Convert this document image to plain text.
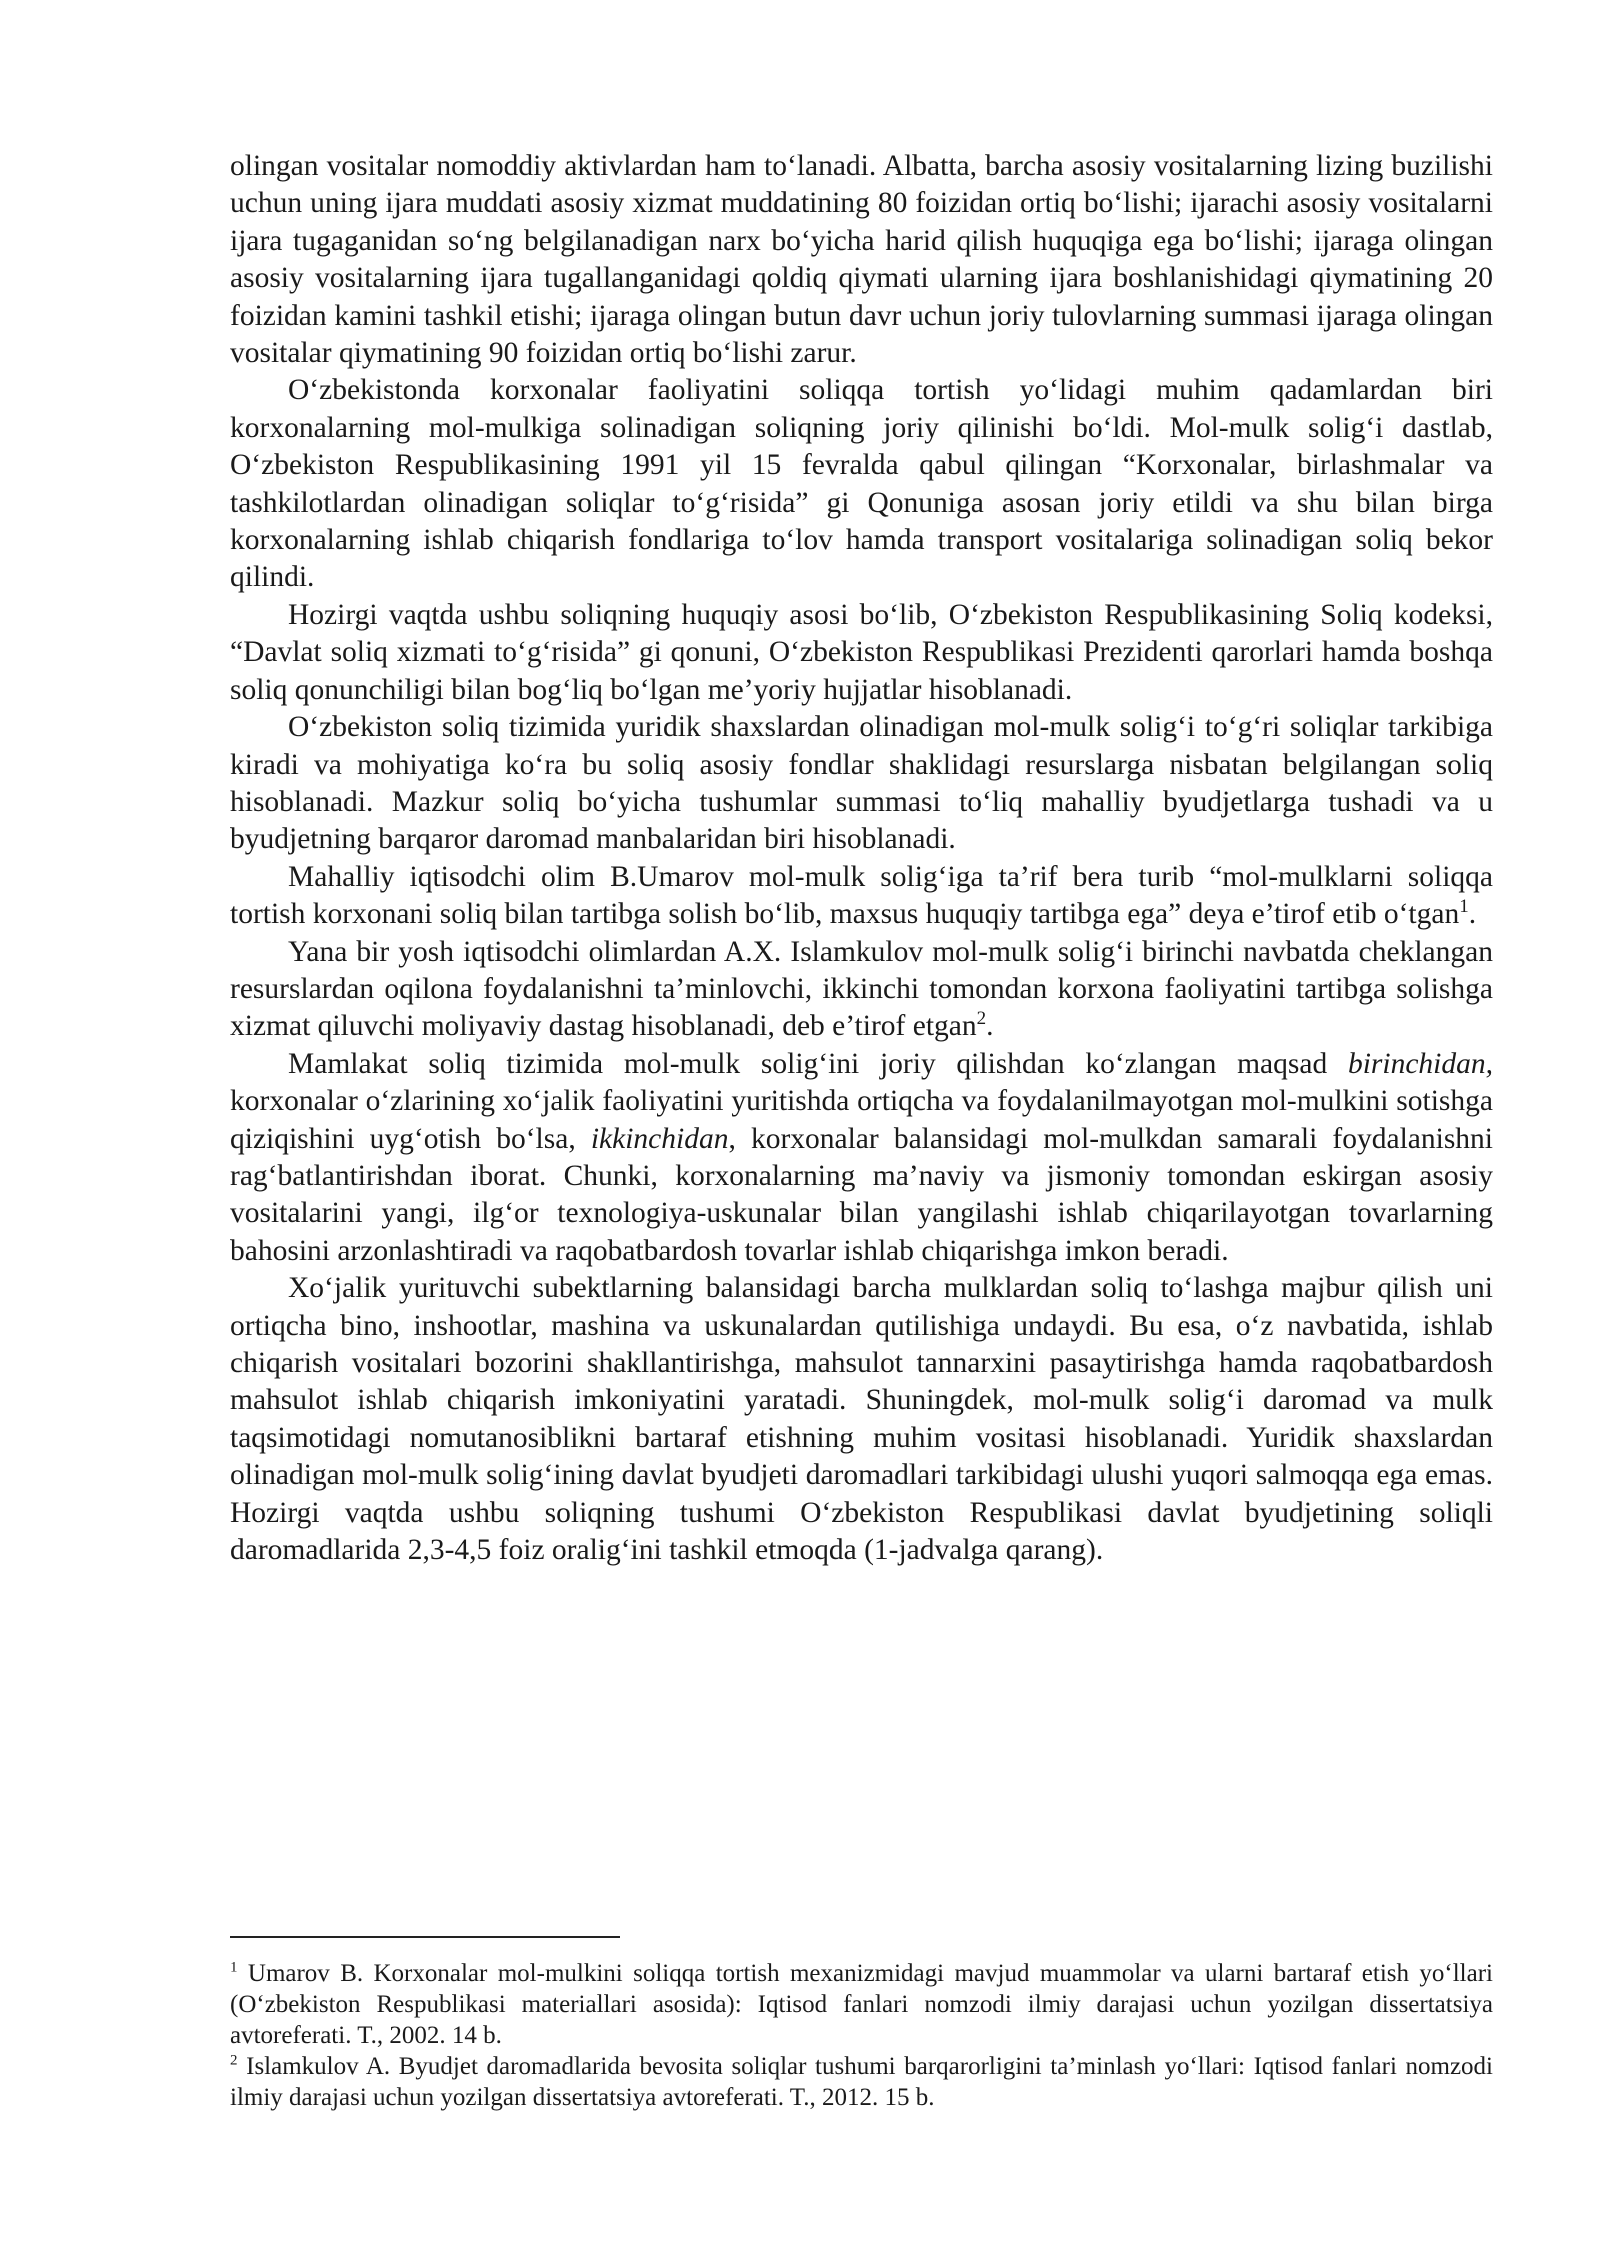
olingan vositalar nomoddiy aktivlardan ham to‘lanadi. Albatta, barcha asosiy vositalarning lizing buzilishi uchun uning ijara muddati asosiy xizmat muddatining 80 foizidan ortiq bo‘lishi; ijarachi asosiy vositalarni ijara tugaganidan so‘ng belgilanadigan narx bo‘yicha harid qilish huquqiga ega bo‘lishi; ijaraga olingan asosiy vositalarning ijara tugallanganidagi qoldiq qiymati ularning ijara boshlanishidagi qiymatining 20 foizidan kamini tashkil etishi; ijaraga olingan butun davr uchun joriy tulovlarning summasi ijaraga olingan vositalar qiymatining 90 foizidan ortiq bo‘lishi zarur.

O‘zbekistonda korxonalar faoliyatini soliqqa tortish yo‘lidagi muhim qadamlardan biri korxonalarning mol-mulkiga solinadigan soliqning joriy qilinishi bo‘ldi. Mol-mulk solig‘i dastlab, O‘zbekiston Respublikasining 1991 yil 15 fevralda qabul qilingan “Korxonalar, birlashmalar va tashkilotlardan olinadigan soliqlar to‘g‘risida” gi Qonuniga asosan joriy etildi va shu bilan birga korxonalarning ishlab chiqarish fondlariga to‘lov hamda transport vositalariga solinadigan soliq bekor qilindi.

Hozirgi vaqtda ushbu soliqning huquqiy asosi bo‘lib, O‘zbekiston Respublikasining Soliq kodeksi, “Davlat soliq xizmati to‘g‘risida” gi qonuni, O‘zbekiston Respublikasi Prezidenti qarorlari hamda boshqa soliq qonunchiligi bilan bog‘liq bo‘lgan me’yoriy hujjatlar hisoblanadi.

O‘zbekiston soliq tizimida yuridik shaxslardan olinadigan mol-mulk solig‘i to‘g‘ri soliqlar tarkibiga kiradi va mohiyatiga ko‘ra bu soliq asosiy fondlar shaklidagi resurslarga nisbatan belgilangan soliq hisoblanadi. Mazkur soliq bo‘yicha tushumlar summasi to‘liq mahalliy byudjetlarga tushadi va u byudjetning barqaror daromad manbalaridan biri hisoblanadi.

Mahalliy iqtisodchi olim B.Umarov mol-mulk solig‘iga ta’rif bera turib “mol-mulklarni soliqqa tortish korxonani soliq bilan tartibga solish bo‘lib, maxsus huquqiy tartibga ega” deya e’tirof etib o‘tgan$^1$.

Yana bir yosh iqtisodchi olimlardan A.X. Islamkulov mol-mulk solig‘i birinchi navbatda cheklangan resurslardan oqilona foydalanishni ta’minlovchi, ikkinchi tomondan korxona faoliyatini tartibga solishga xizmat qiluvchi moliyaviy dastag hisoblanadi, deb e’tirof etgan$^2$.

Mamlakat soliq tizimida mol-mulk solig‘ini joriy qilishdan ko‘zlangan maqsad birinchidan, korxonalar o‘zlarining xo‘jalik faoliyatini yuritishda ortiqcha va foydalanilmayotgan mol-mulkini sotishga qiziqishini uyg‘otish bo‘lsa, ikkinchidan, korxonalar balansidagi mol-mulkdan samarali foydalanishni rag‘batlantirishdan iborat. Chunki, korxonalarning ma’naviy va jismoniy tomondan eskirgan asosiy vositalarini yangi, ilg‘or texnologiya-uskunalar bilan yangilashi ishlab chiqarilayotgan tovarlarning bahosini arzonlashtiradi va raqobatbardosh tovarlar ishlab chiqarishga imkon beradi.

Xo‘jalik yurituvchi subektlarning balansidagi barcha mulklardan soliq to‘lashga majbur qilish uni ortiqcha bino, inshootlar, mashina va uskunalardan qutilishiga undaydi. Bu esa, o‘z navbatida, ishlab chiqarish vositalari bozorini shakllantirishga, mahsulot tannarxini pasaytirishga hamda raqobatbardosh mahsulot ishlab chiqarish imkoniyatini yaratadi. Shuningdek, mol-mulk solig‘i daromad va mulk taqsimotidagi nomutanosiblikni bartaraf etishning muhim vositasi hisoblanadi. Yuridik shaxslardan olinadigan mol-mulk solig‘ining davlat byudjeti daromadlari tarkibidagi ulushi yuqori salmoqqa ega emas. Hozirgi vaqtda ushbu soliqning tushumi O‘zbekiston Respublikasi davlat byudjetining soliqli daromadlarida 2,3-4,5 foiz oralig‘ini tashkil etmoqda (1-jadvalga qarang).

$^1$ Umarov B. Korxonalar mol-mulkini soliqqa tortish mexanizmidagi mavjud muammolar va ularni bartaraf etish yo‘llari (O‘zbekiston Respublikasi materiallari asosida): Iqtisod fanlari nomzodi ilmiy darajasi uchun yozilgan dissertatsiya avtoreferati. T., 2002. 14 b.

$^2$ Islamkulov A. Byudjet daromadlarida bevosita soliqlar tushumi barqarorligini ta’minlash yo‘llari: Iqtisod fanlari nomzodi ilmiy darajasi uchun yozilgan dissertatsiya avtoreferati. T., 2012. 15 b.
